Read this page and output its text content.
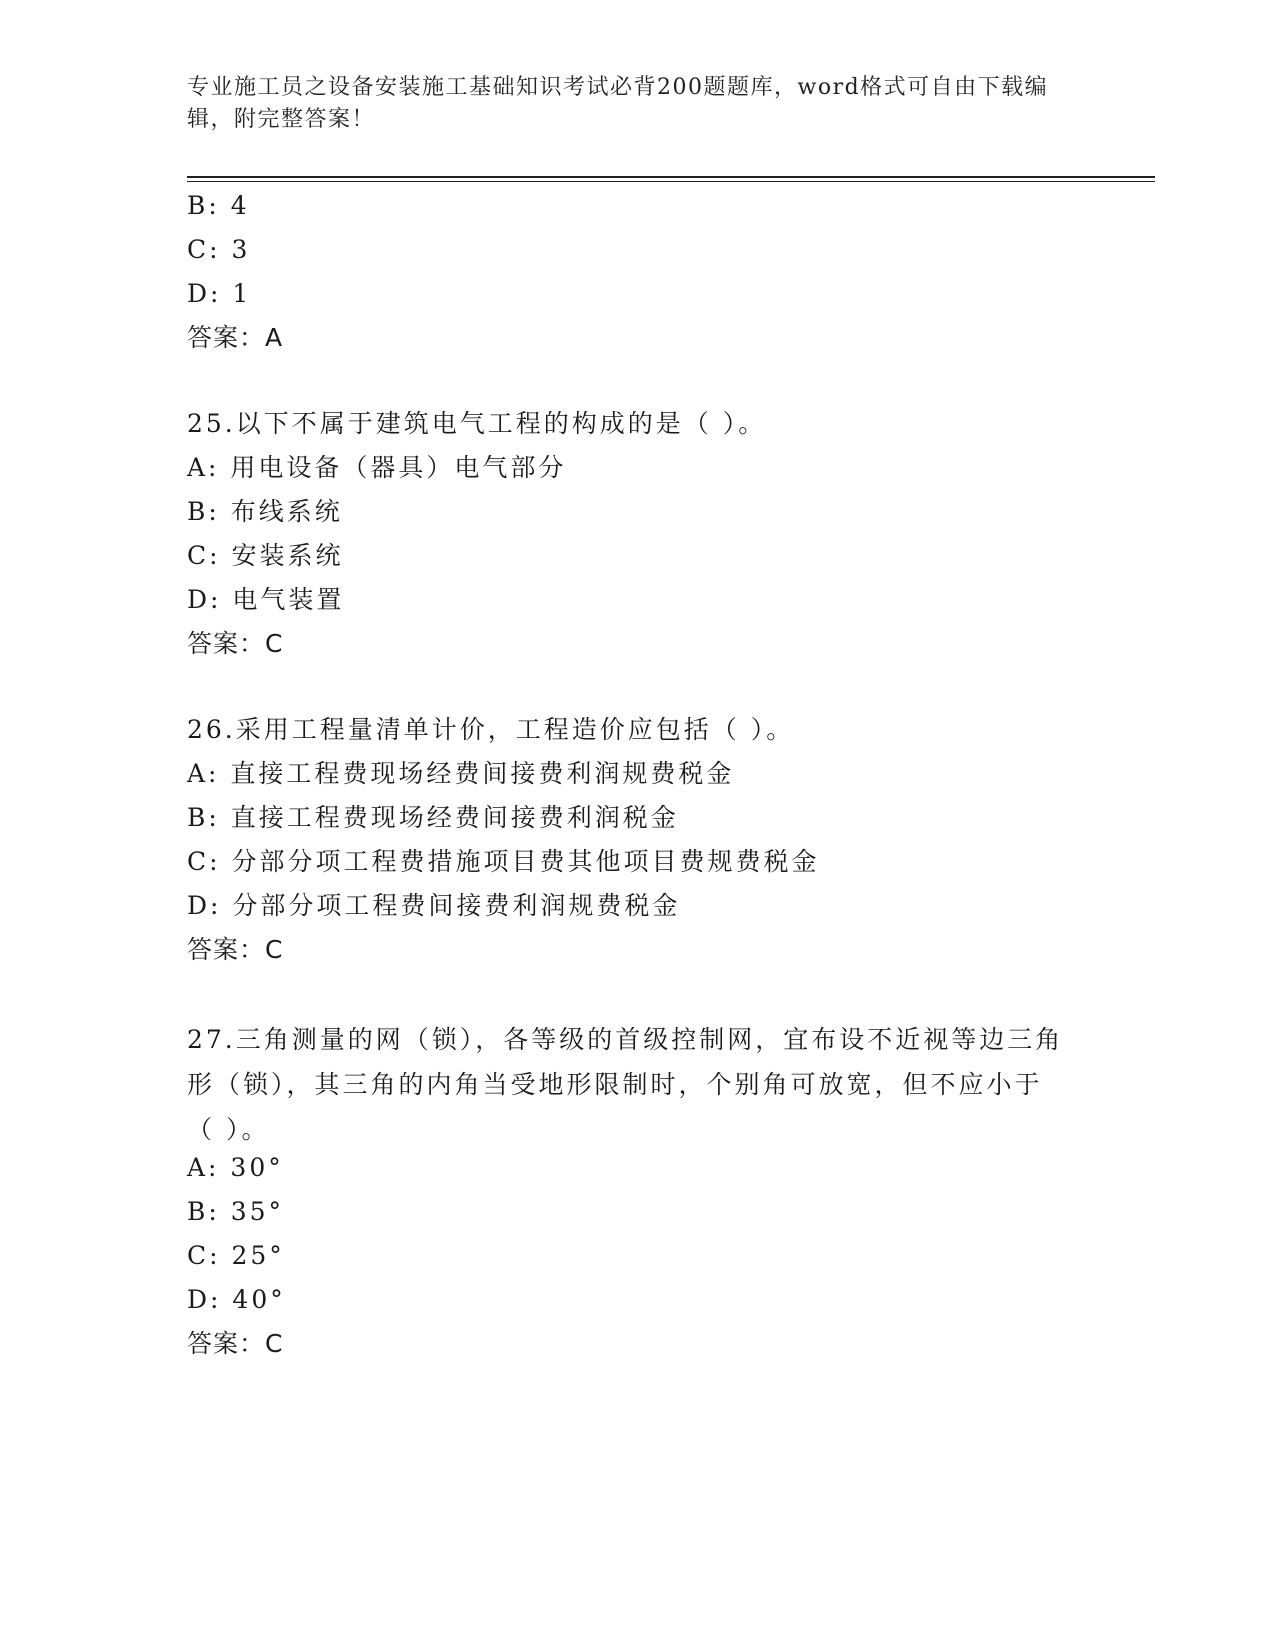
专业施工员之设备安装施工基础知识考试必背200题题库，word格式可自由下载编辑，附完整答案！
B: 4
C: 3
D: 1
答案：A
25.以下不属于建筑电气工程的构成的是（ ）。
A: 用电设备（器具）电气部分
B: 布线系统
C: 安装系统
D: 电气装置
答案：C
26.采用工程量清单计价，工程造价应包括（ ）。
A: 直接工程费现场经费间接费利润规费税金
B: 直接工程费现场经费间接费利润税金
C: 分部分项工程费措施项目费其他项目费规费税金
D: 分部分项工程费间接费利润规费税金
答案：C
27.三角测量的网（锁），各等级的首级控制网，宜布设不近视等边三角形（锁），其三角的内角当受地形限制时，个别角可放宽，但不应小于（ ）。
A: 30°
B: 35°
C: 25°
D: 40°
答案：C
